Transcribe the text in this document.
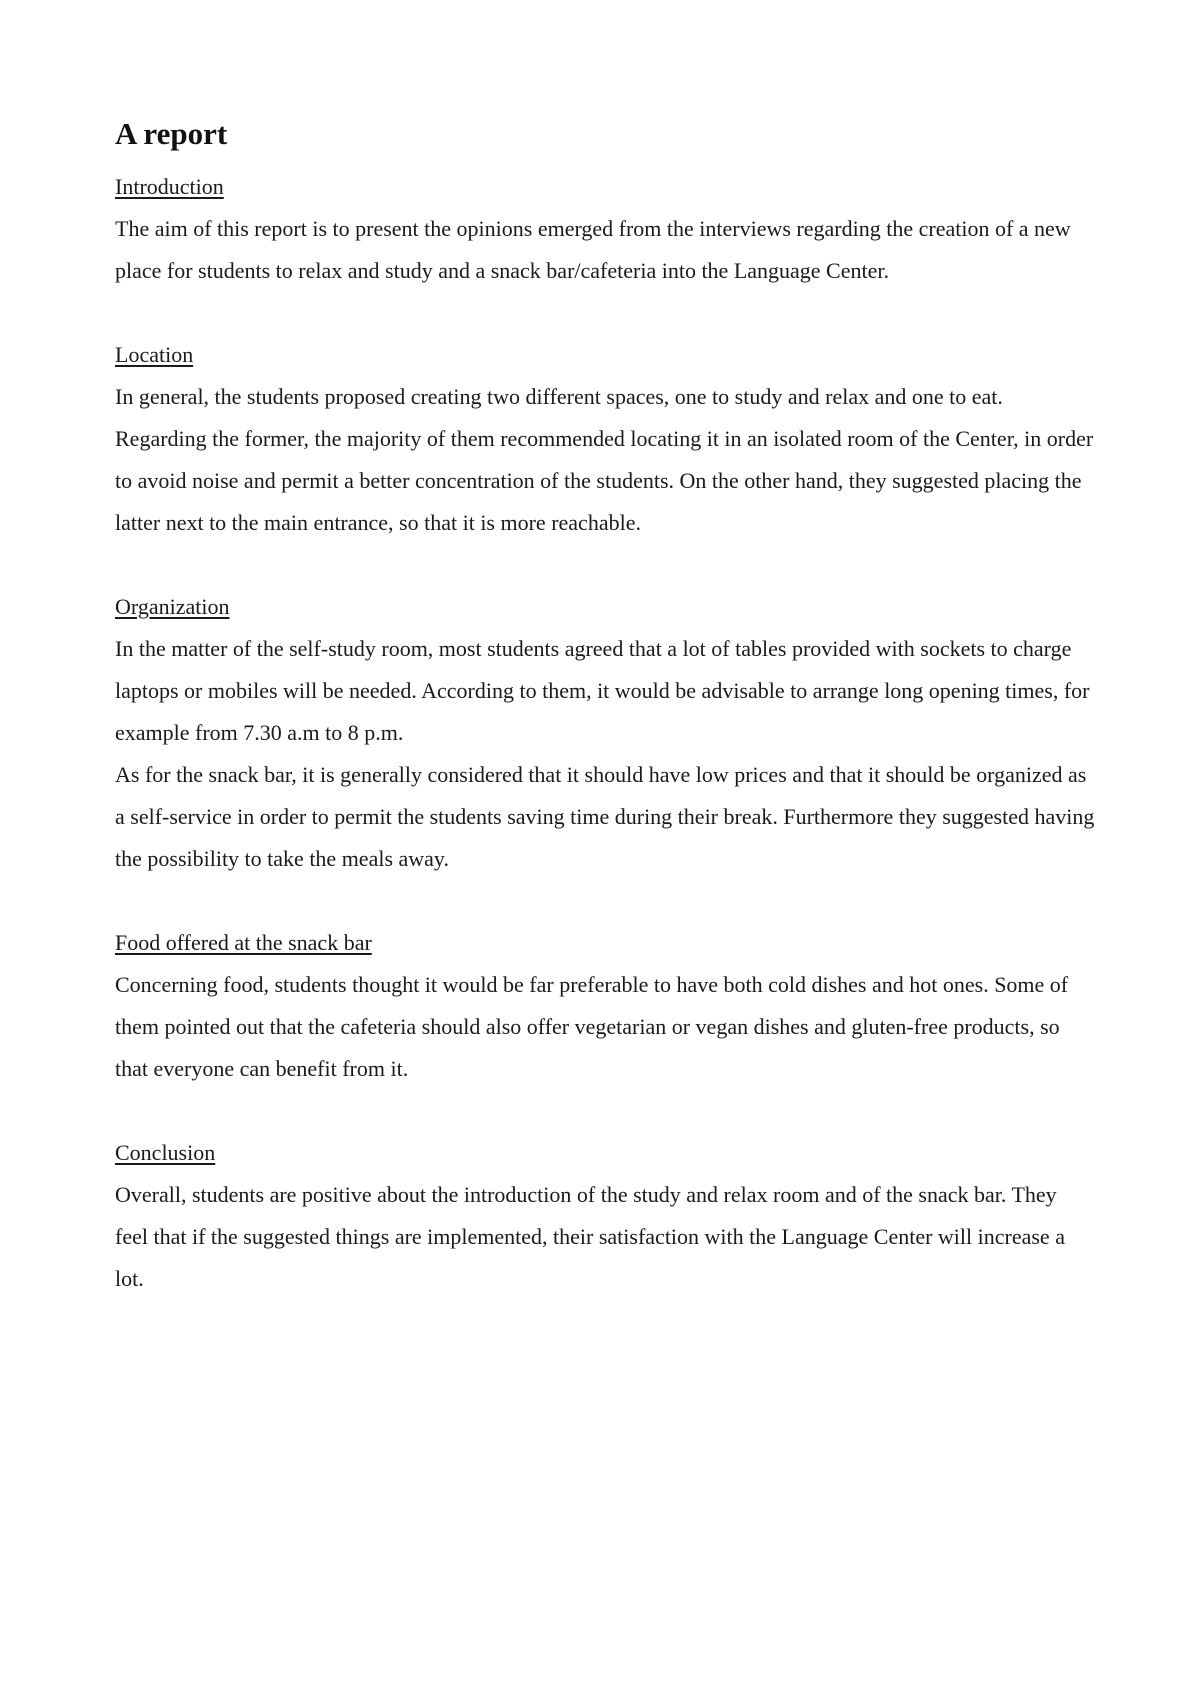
A report
Introduction

The aim of this report is to present the opinions emerged from the interviews regarding the creation of a new place for students to relax and study and a snack bar/cafeteria into the Language Center.

Location

In general, the students proposed creating two different spaces, one to study and relax and one to eat. Regarding the former, the majority of them recommended locating it in an isolated room of the Center, in order to avoid noise and permit a better concentration of the students. On the other hand, they suggested placing the latter next to the main entrance, so that it is more reachable.

Organization

In the matter of the self-study room, most students agreed that a lot of tables provided with sockets to charge laptops or mobiles will be needed. According to them, it would be advisable to arrange long opening times, for example from 7.30 a.m to 8 p.m.

As for the snack bar, it is generally considered that it should have low prices and that it should be organized as a self-service in order to permit the students saving time during their break. Furthermore they suggested having the possibility to take the meals away.

Food offered at the snack bar

Concerning food, students thought it would be far preferable to have both cold dishes and hot ones. Some of them pointed out that the cafeteria should also offer vegetarian or vegan dishes and gluten-free products, so that everyone can benefit from it.

Conclusion

Overall, students are positive about the introduction of the study and relax room and of the snack bar. They feel that if the suggested things are implemented, their satisfaction with the Language Center will increase a lot.
